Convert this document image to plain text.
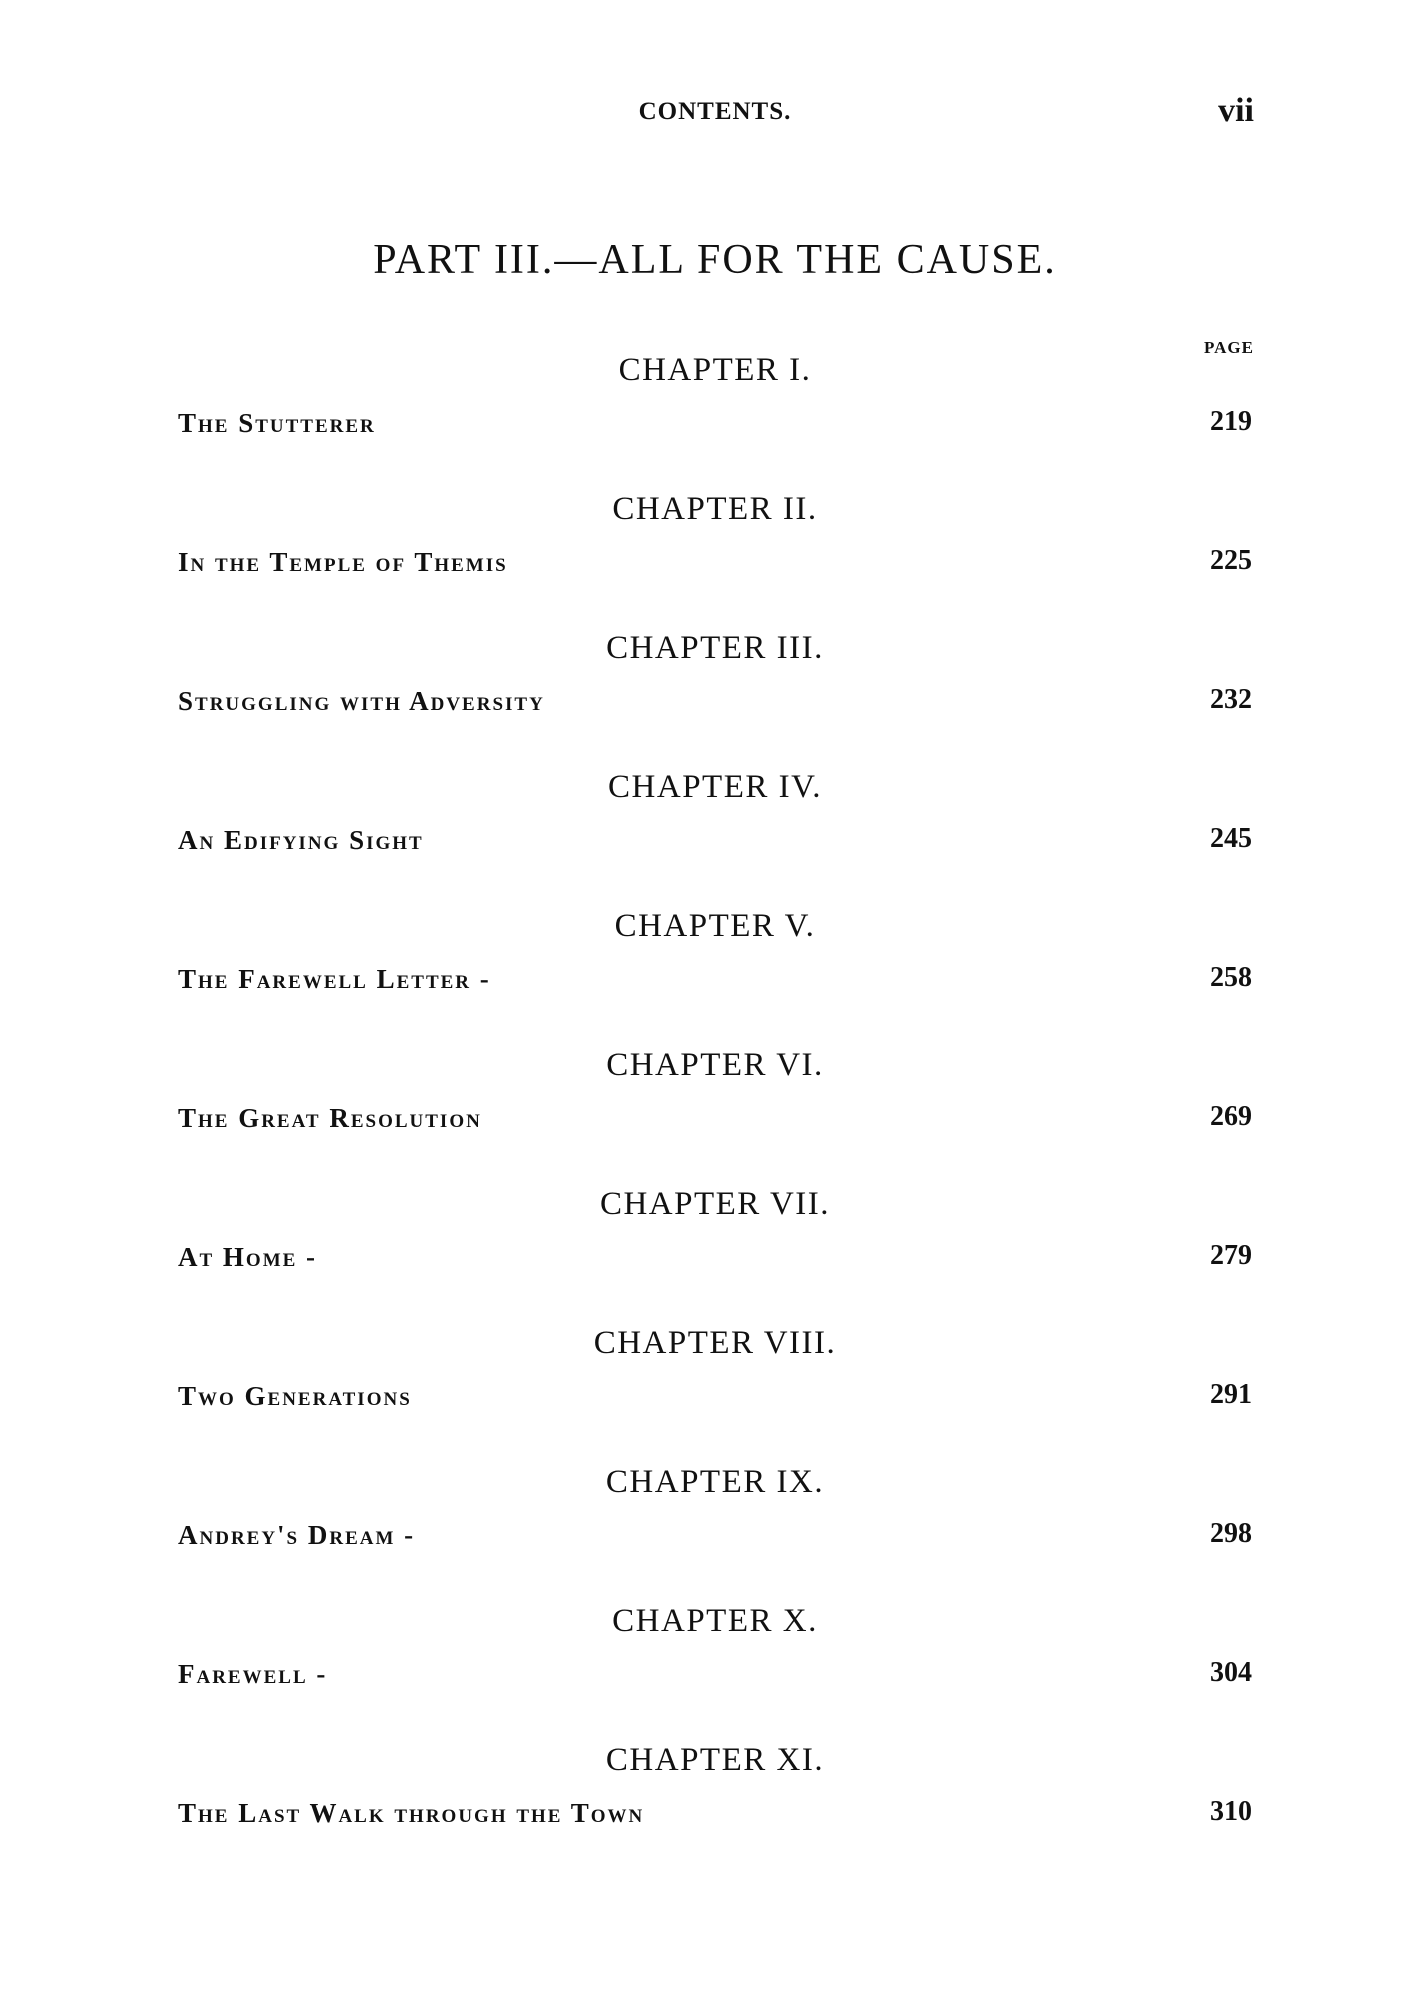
CONTENTS.	vii
PART III.—ALL FOR THE CAUSE.
PAGE
CHAPTER I.
The Stutterer	219
CHAPTER II.
In the Temple of Themis	225
CHAPTER III.
Struggling with Adversity	232
CHAPTER IV.
An Edifying Sight	245
CHAPTER V.
The Farewell Letter -	258
CHAPTER VI.
The Great Resolution	269
CHAPTER VII.
At Home -	279
CHAPTER VIII.
Two Generations	291
CHAPTER IX.
Andrey's Dream -	298
CHAPTER X.
Farewell -	304
CHAPTER XI.
The Last Walk through the Town	310
